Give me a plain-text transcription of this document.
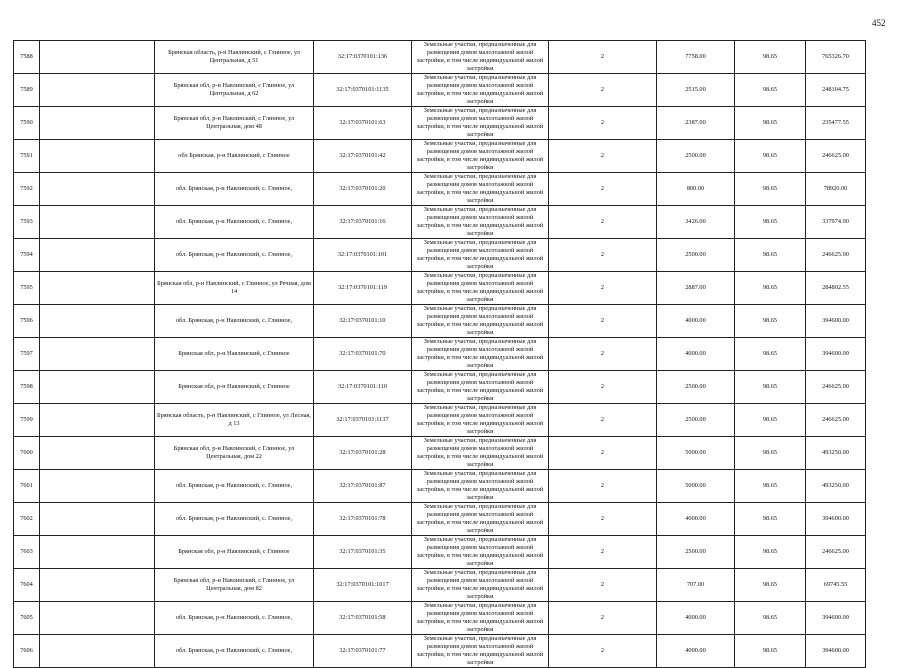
452
7588		Брянская область, р-н Навлинский, с Глинное, ул Центральная, д 51	32:17:0370101:136	Земельные участки, предназначенные для размещения домов малоэтажной жилой застройки, в том числе индивидуальной жилой застройки	2	7758.00	98.65	765326.70
7589		Брянская обл, р-н Навлинский, с Глинное, ул Центральная, д 62	32:17:0370101:1135	Земельные участки, предназначенные для размещения домов малоэтажной жилой застройки, в том числе индивидуальной жилой застройки	2	2515.00	98.65	248104.75
7590		Брянская обл, р-н Навлинский, с Глинное, ул Центральная, дом 48	32:17:0370101:63	Земельные участки, предназначенные для размещения домов малоэтажной жилой застройки, в том числе индивидуальной жилой застройки	2	2387.00	98.65	235477.55
7591		обл Брянская, р-н Навлинский, с Глинное	32:17:0370101:42	Земельные участки, предназначенные для размещения домов малоэтажной жилой застройки, в том числе индивидуальной жилой застройки	2	2500.00	98.65	246625.00
7592		обл. Брянская, р-н Навлинский, с. Глинное,	32:17:0370101:20	Земельные участки, предназначенные для размещения домов малоэтажной жилой застройки, в том числе индивидуальной жилой застройки	2	800.00	98.65	78920.00
7593		обл. Брянская, р-н Навлинский, с. Глинное,	32:17:0370101:16	Земельные участки, предназначенные для размещения домов малоэтажной жилой застройки, в том числе индивидуальной жилой застройки	2	3426.00	98.65	337974.90
7594		обл. Брянская, р-н Навлинский, с. Глинное,	32:17:0370101:101	Земельные участки, предназначенные для размещения домов малоэтажной жилой застройки, в том числе индивидуальной жилой застройки	2	2500.00	98.65	246625.00
7595		Брянская обл, р-н Навлинский, с Глинное, ул Речная, дом 14	32:17:0370101:119	Земельные участки, предназначенные для размещения домов малоэтажной жилой застройки, в том числе индивидуальной жилой застройки	2	2887.00	98.65	284802.55
7596		обл. Брянская, р-н Навлинский, с. Глинное,	32:17:0370101:10	Земельные участки, предназначенные для размещения домов малоэтажной жилой застройки, в том числе индивидуальной жилой застройки	2	4000.00	98.65	394600.00
7597		Брянская обл, р-н Навлинский, с Глинное	32:17:0370101:70	Земельные участки, предназначенные для размещения домов малоэтажной жилой застройки, в том числе индивидуальной жилой застройки	2	4000.00	98.65	394600.00
7598		Брянская обл, р-н Навлинский, с Глинное	32:17:0370101:110	Земельные участки, предназначенные для размещения домов малоэтажной жилой застройки, в том числе индивидуальной жилой застройки	2	2500.00	98.65	246625.00
7599		Брянская область, р-н Навлинский, с Глинное, ул Лесная, д 13	32:17:0370101:1137	Земельные участки, предназначенные для размещения домов малоэтажной жилой застройки, в том числе индивидуальной жилой застройки	2	2500.00	98.65	246625.00
7600		Брянская обл, р-н Навлинский, с Глинное, ул Центральная, дом 22	32:17:0370101:28	Земельные участки, предназначенные для размещения домов малоэтажной жилой застройки, в том числе индивидуальной жилой застройки	2	5000.00	98.65	493250.00
7601		обл. Брянская, р-н Навлинский, с. Глинное,	32:17:0370101:87	Земельные участки, предназначенные для размещения домов малоэтажной жилой застройки, в том числе индивидуальной жилой застройки	2	5000.00	98.65	493250.00
7602		обл. Брянская, р-н Навлинский, с. Глинное,	32:17:0370101:78	Земельные участки, предназначенные для размещения домов малоэтажной жилой застройки, в том числе индивидуальной жилой застройки	2	4000.00	98.65	394600.00
7603		Брянская обл, р-н Навлинский, с Глинное	32:17:0370101:35	Земельные участки, предназначенные для размещения домов малоэтажной жилой застройки, в том числе индивидуальной жилой застройки	2	2500.00	98.65	246625.00
7604		Брянская обл, р-н Навлинский, с Глинное, ул Центральная, дом 82	32:17:0370101:1017	Земельные участки, предназначенные для размещения домов малоэтажной жилой застройки, в том числе индивидуальной жилой застройки	2	707.00	98.65	69745.55
7605		обл. Брянская, р-н Навлинский, с. Глинное,	32:17:0370101:58	Земельные участки, предназначенные для размещения домов малоэтажной жилой застройки, в том числе индивидуальной жилой застройки	2	4000.00	98.65	394600.00
7606		обл. Брянская, р-н Навлинский, с. Глинное,	32:17:0370101:77	Земельные участки, предназначенные для размещения домов малоэтажной жилой застройки, в том числе индивидуальной жилой застройки	2	4000.00	98.65	394600.00
